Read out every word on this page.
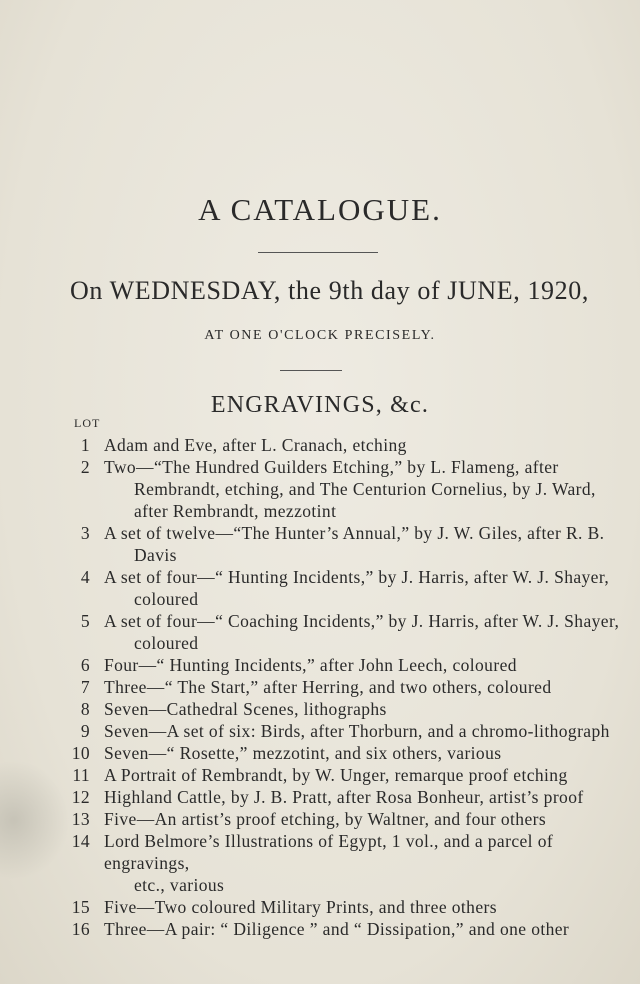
A CATALOGUE.
On WEDNESDAY, the 9th day of JUNE, 1920,
AT ONE O'CLOCK PRECISELY.
ENGRAVINGS, &c.
LOT
1 Adam and Eve, after L. Cranach, etching
2 Two—“The Hundred Guilders Etching,” by L. Flameng, after
Rembrandt, etching, and The Centurion Cornelius, by J. Ward,
after Rembrandt, mezzotint
3 A set of twelve—“The Hunter’s Annual,” by J. W. Giles, after R. B.
Davis
4 A set of four—“ Hunting Incidents,” by J. Harris, after W. J. Shayer,
coloured
5 A set of four—“ Coaching Incidents,” by J. Harris, after W. J. Shayer,
coloured
6 Four—“ Hunting Incidents,” after John Leech, coloured
7 Three—“ The Start,” after Herring, and two others, coloured
8 Seven—Cathedral Scenes, lithographs
9 Seven—A set of six: Birds, after Thorburn, and a chromo-lithograph
10 Seven—“ Rosette,” mezzotint, and six others, various
11 A Portrait of Rembrandt, by W. Unger, remarque proof etching
12 Highland Cattle, by J. B. Pratt, after Rosa Bonheur, artist’s proof
13 Five—An artist’s proof etching, by Waltner, and four others
14 Lord Belmore’s Illustrations of Egypt, 1 vol., and a parcel of engravings,
etc., various
15 Five—Two coloured Military Prints, and three others
16 Three—A pair: “ Diligence ” and “ Dissipation,” and one other
